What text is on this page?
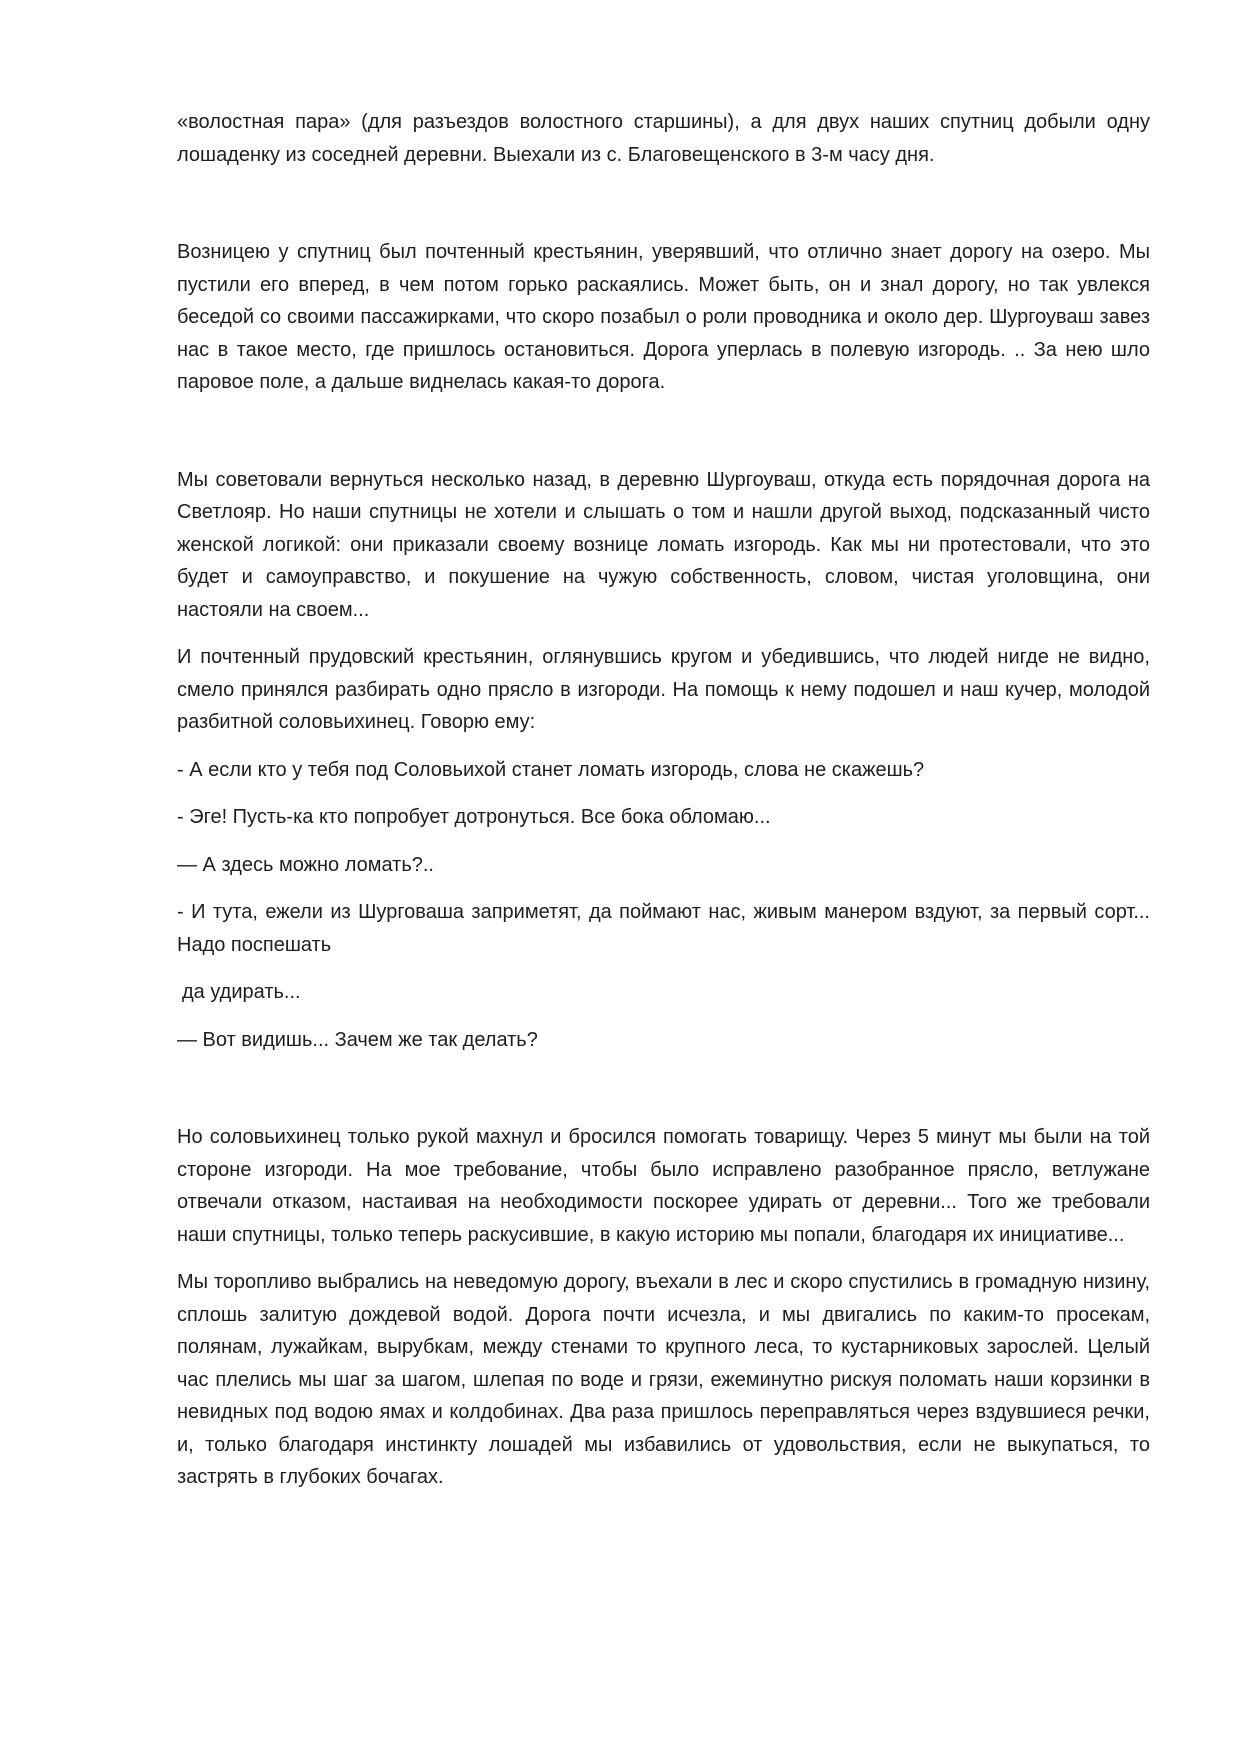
«волостная пара» (для разъездов волостного старшины), а для двух наших спутниц добыли одну лошаденку из соседней деревни. Выехали из с. Благовещенского в 3-м часу дня.

Возницею у спутниц был почтенный крестьянин, уверявший, что отлично знает дорогу на озеро. Мы пустили его вперед, в чем потом горько раскаялись. Может быть, он и знал дорогу, но так увлекся беседой со своими пассажирками, что скоро позабыл о роли проводника и около дер. Шургоуваш завез нас в такое место, где пришлось остановиться. Дорога уперлась в полевую изгородь. .. За нею шло паровое поле, а дальше виднелась какая-то дорога.

Мы советовали вернуться несколько назад, в деревню Шургоуваш, откуда есть порядочная дорога на Светлояр. Но наши спутницы не хотели и слышать о том и нашли другой выход, подсказанный чисто женской логикой: они приказали своему вознице ломать изгородь. Как мы ни протестовали, что это будет и самоуправство, и покушение на чужую собственность, словом, чистая уголовщина, они настояли на своем...

И почтенный прудовский крестьянин, оглянувшись кругом и убедившись, что людей нигде не видно, смело принялся разбирать одно прясло в изгороди. На помощь к нему подошел и наш кучер, молодой разбитной соловьихинец. Говорю ему:

- А если кто у тебя под Соловьихой станет ломать изгородь, слова не скажешь?

- Эге! Пусть-ка кто попробует дотронуться. Все бока обломаю...

— А здесь можно ломать?..

- И тута, ежели из Шурговаша заприметят, да поймают нас, живым манером вздуют, за первый сорт... Надо поспешать

да удирать...

— Вот видишь... Зачем же так делать?

Но соловьихинец только рукой махнул и бросился помогать товарищу. Через 5 минут мы были на той стороне изгороди. На мое требование, чтобы было исправлено разобранное прясло, ветлужане отвечали отказом, настаивая на необходимости поскорее удирать от деревни... Того же требовали наши спутницы, только теперь раскусившие, в какую историю мы попали, благодаря их инициативе...

Мы торопливо выбрались на неведомую дорогу, въехали в лес и скоро спустились в громадную низину, сплошь залитую дождевой водой. Дорога почти исчезла, и мы двигались по каким-то просекам, полянам, лужайкам, вырубкам, между стенами то крупного леса, то кустарниковых зарослей. Целый час плелись мы шаг за шагом, шлепая по воде и грязи, ежеминутно рискуя поломать наши корзинки в невидных под водою ямах и колдобинах. Два раза пришлось переправляться через вздувшиеся речки, и, только благодаря инстинкту лошадей мы избавились от удовольствия, если не выкупаться, то застрять в глубоких бочагах.
